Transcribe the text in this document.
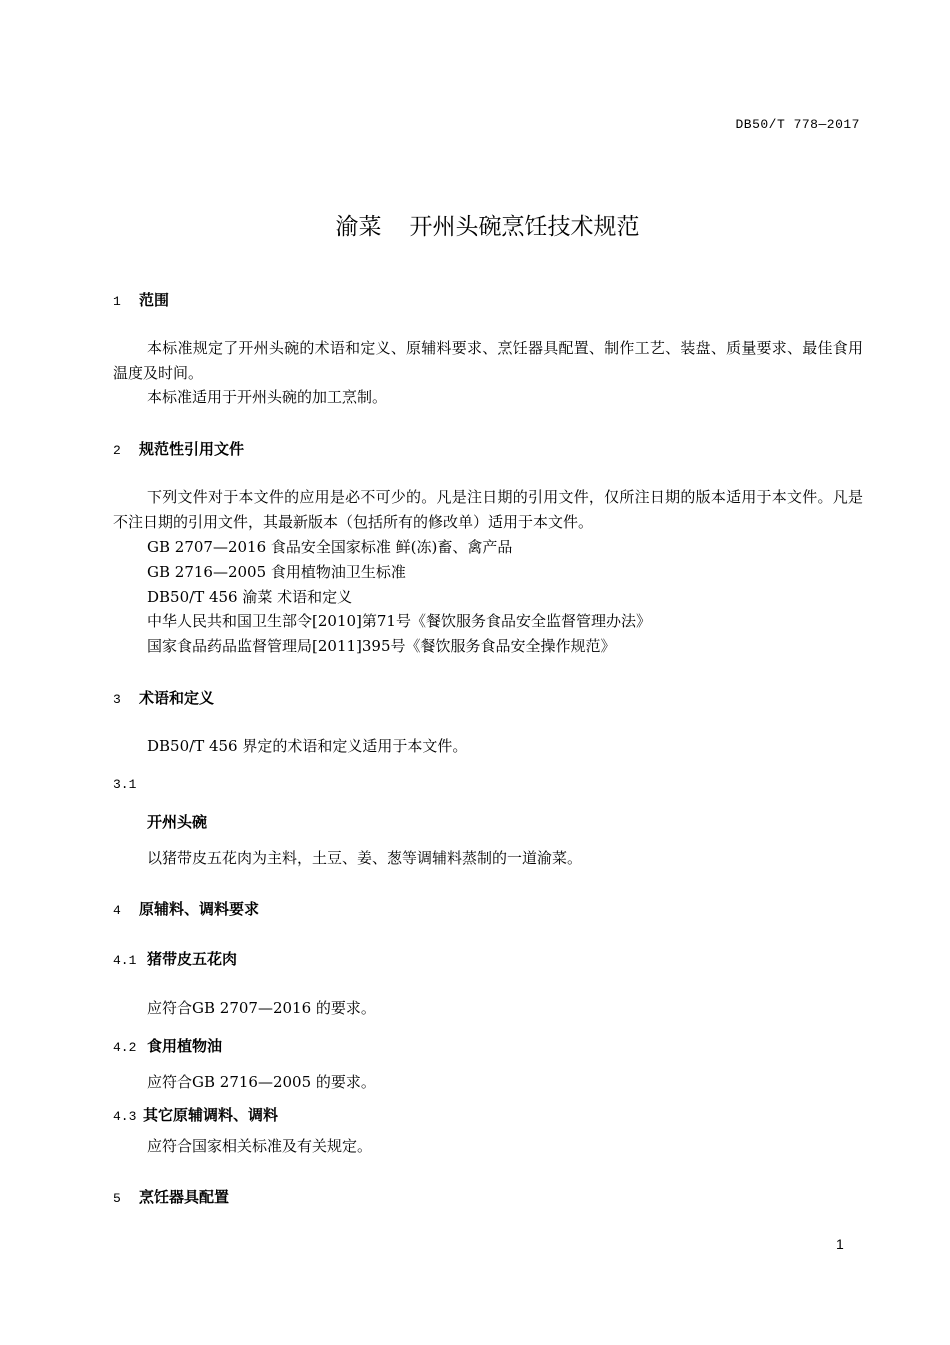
DB50/T 778—2017
渝菜 开州头碗烹饪技术规范
1 范围
本标准规定了开州头碗的术语和定义、原辅料要求、烹饪器具配置、制作工艺、装盘、质量要求、最佳食用温度及时间。
本标准适用于开州头碗的加工烹制。
2 规范性引用文件
下列文件对于本文件的应用是必不可少的。凡是注日期的引用文件，仅所注日期的版本适用于本文件。凡是不注日期的引用文件，其最新版本（包括所有的修改单）适用于本文件。
GB 2707—2016 食品安全国家标准 鲜(冻)畜、禽产品
GB 2716—2005 食用植物油卫生标准
DB50/T 456 渝菜 术语和定义
中华人民共和国卫生部令[2010]第71号《餐饮服务食品安全监督管理办法》
国家食品药品监督管理局[2011]395号《餐饮服务食品安全操作规范》
3 术语和定义
DB50/T 456 界定的术语和定义适用于本文件。
3.1
开州头碗
以猪带皮五花肉为主料，土豆、姜、葱等调辅料蒸制的一道渝菜。
4 原辅料、调料要求
4.1 猪带皮五花肉
应符合GB 2707—2016 的要求。
4.2 食用植物油
应符合GB 2716—2005 的要求。
4.3 其它原辅调料、调料
应符合国家相关标准及有关规定。
5 烹饪器具配置
1
